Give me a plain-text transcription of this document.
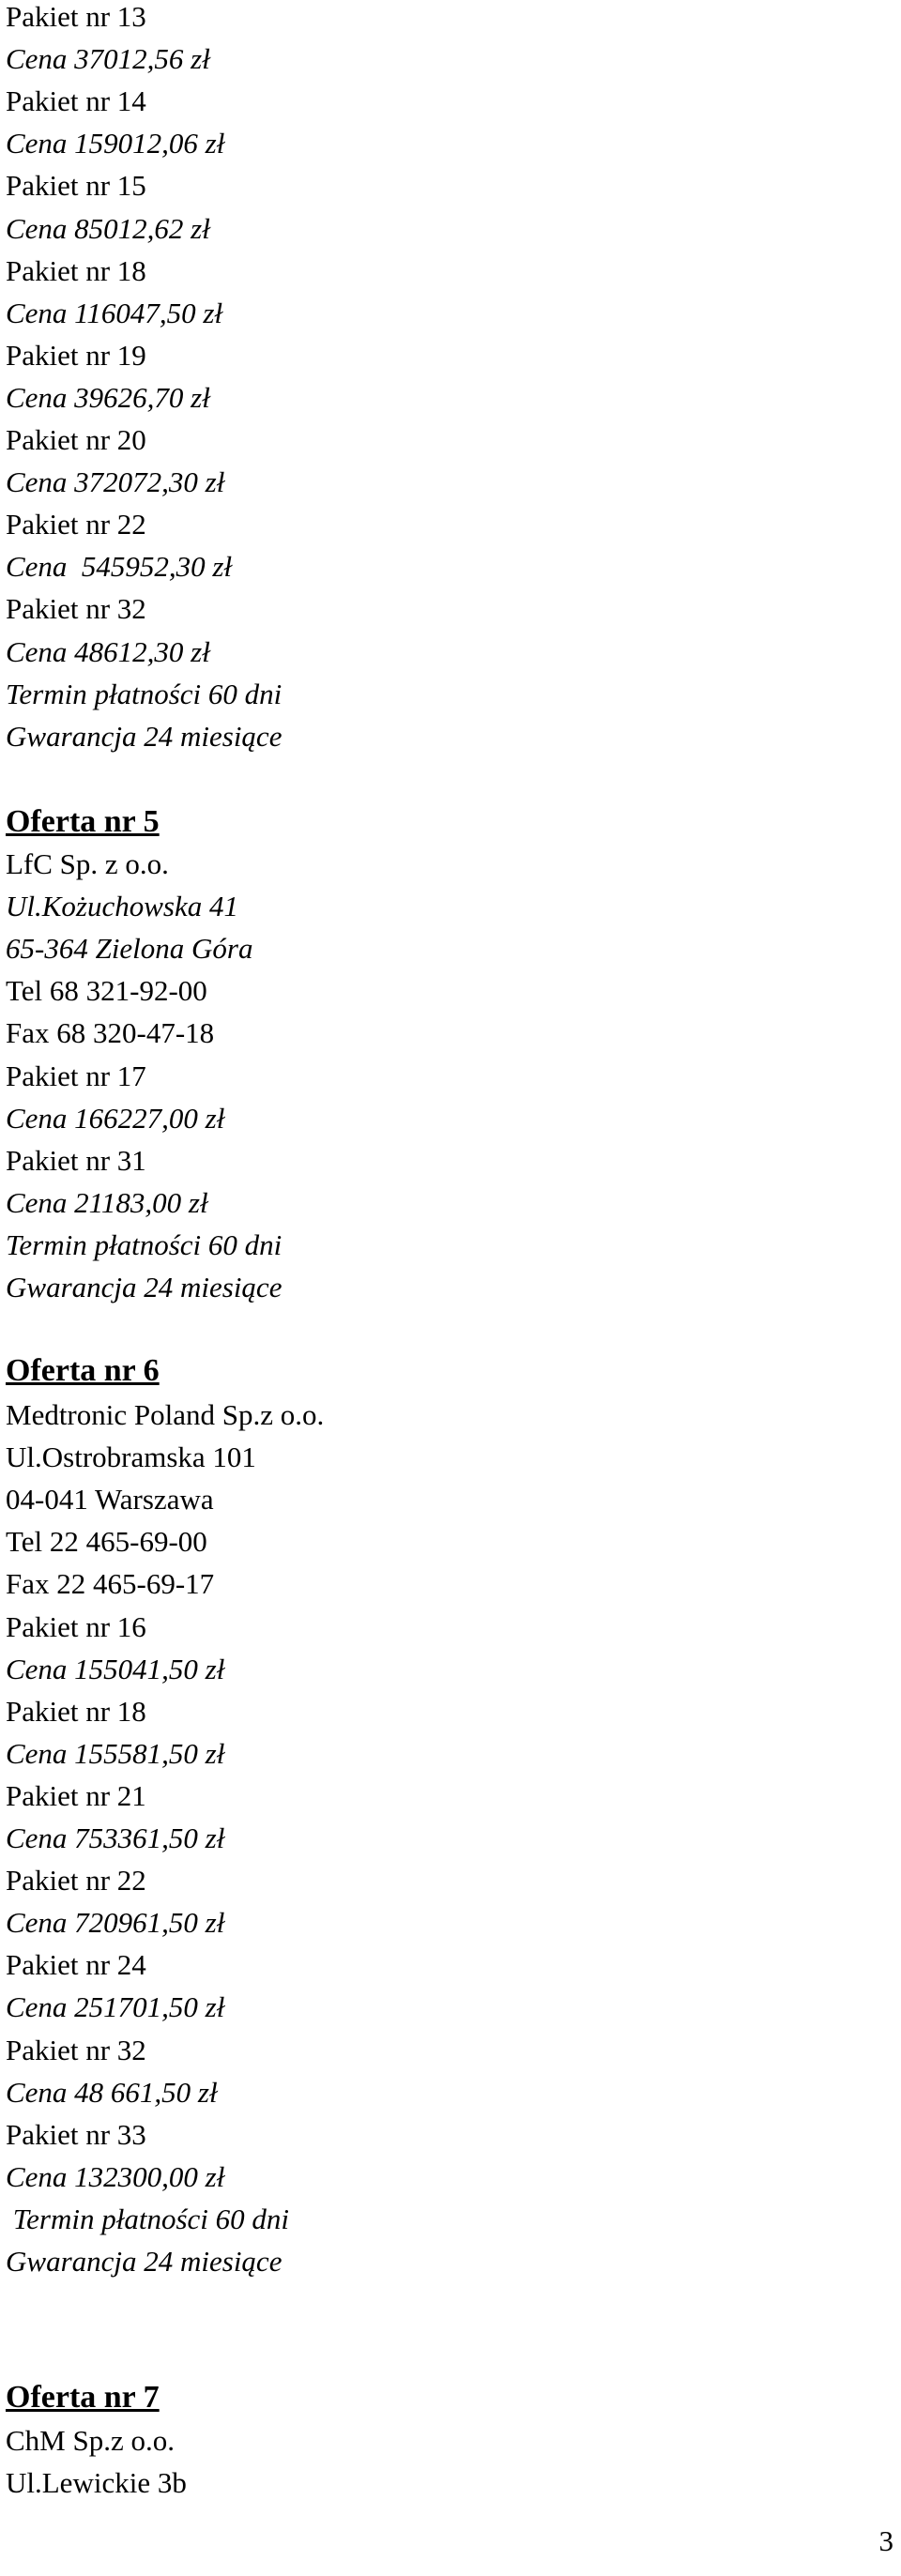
Pakiet nr 13
Cena 37012,56 zł
Pakiet nr 14
Cena 159012,06 zł
Pakiet nr 15
Cena 85012,62 zł
Pakiet nr 18
Cena 116047,50 zł
Pakiet nr 19
Cena 39626,70 zł
Pakiet nr 20
Cena 372072,30 zł
Pakiet nr 22
Cena  545952,30 zł
Pakiet nr 32
Cena 48612,30 zł
Termin płatności 60 dni
Gwarancja 24 miesiące
Oferta nr 5
LfC Sp. z o.o.
Ul.Kożuchowska 41
65-364 Zielona Góra
Tel 68 321-92-00
Fax 68 320-47-18
Pakiet nr 17
Cena 166227,00 zł
Pakiet nr 31
Cena 21183,00 zł
Termin płatności 60 dni
Gwarancja 24 miesiące
Oferta nr 6
Medtronic Poland Sp.z o.o.
Ul.Ostrobramska 101
04-041 Warszawa
Tel 22 465-69-00
Fax 22 465-69-17
Pakiet nr 16
Cena 155041,50 zł
Pakiet nr 18
Cena 155581,50 zł
Pakiet nr 21
Cena 753361,50 zł
Pakiet nr 22
Cena 720961,50 zł
Pakiet nr 24
Cena 251701,50 zł
Pakiet nr 32
Cena 48 661,50 zł
Pakiet nr 33
Cena 132300,00 zł
Termin płatności 60 dni
Gwarancja 24 miesiące
Oferta nr 7
ChM Sp.z o.o.
Ul.Lewickie 3b
3
